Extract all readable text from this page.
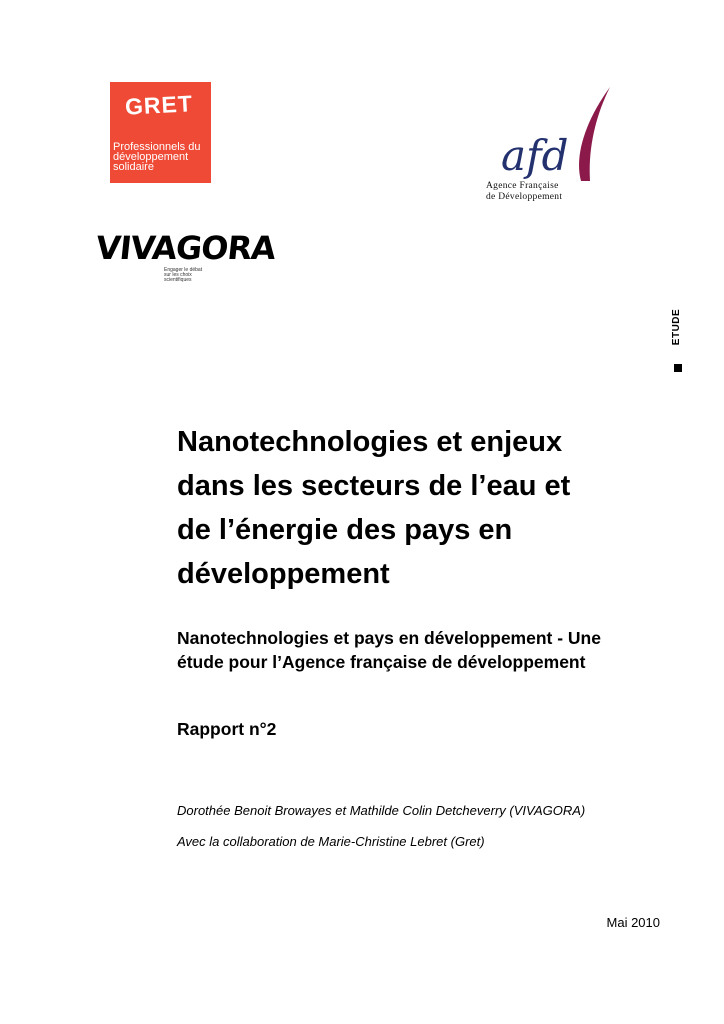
GRET
Professionnels du
développement
solidaire	afd
Agence Française
de Développement
VIVAGORA
Engager le débat
sur les choix
scientifiques
ETUDE
Nanotechnologies et enjeux
dans les secteurs de l’eau et
de l’énergie des pays en
développement
Nanotechnologies et pays en développement - Une
étude pour l’Agence française de développement
Rapport n°2
Dorothée Benoit Browayes et Mathilde Colin Detcheverry (VIVAGORA)
Avec la collaboration de Marie-Christine Lebret (Gret)
Mai 2010
